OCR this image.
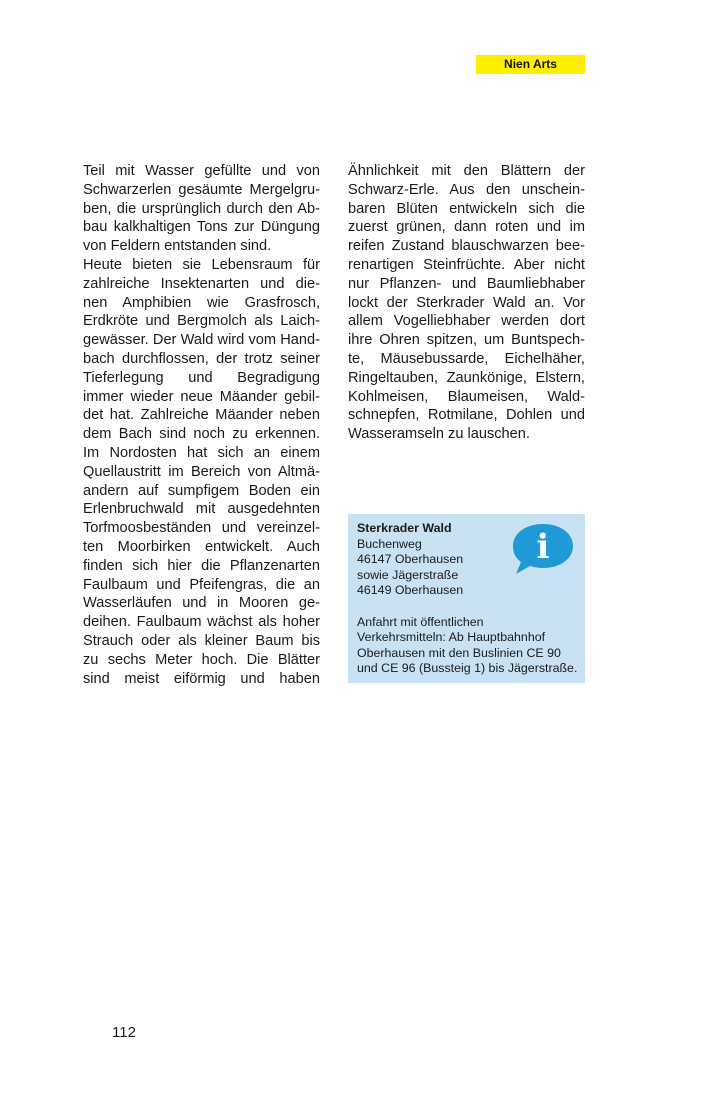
Nien Arts
Teil mit Wasser gefüllte und von
Schwarzerlen gesäumte Mergelgru-
ben, die ursprünglich durch den Ab-
bau kalkhaltigen Tons zur Düngung
von Feldern entstanden sind.
Heute bieten sie Lebensraum für
zahlreiche Insektenarten und die-
nen Amphibien wie Grasfrosch,
Erdkröte und Bergmolch als Laich-
gewässer. Der Wald wird vom Hand-
bach durchflossen, der trotz seiner
Tieferlegung und Begradigung
immer wieder neue Mäander gebil-
det hat. Zahlreiche Mäander neben
dem Bach sind noch zu erkennen.
Im Nordosten hat sich an einem
Quellaustritt im Bereich von Altmä-
andern auf sumpfigem Boden ein
Erlenbruchwald mit ausgedehnten
Torfmoosbeständen und vereinzel-
ten Moorbirken entwickelt. Auch
finden sich hier die Pflanzenarten
Faulbaum und Pfeifengras, die an
Wasserläufen und in Mooren ge-
deihen. Faulbaum wächst als hoher
Strauch oder als kleiner Baum bis
zu sechs Meter hoch. Die Blätter
sind meist eiförmig und haben
Ähnlichkeit mit den Blättern der
Schwarz-Erle. Aus den unschein-
baren Blüten entwickeln sich die
zuerst grünen, dann roten und im
reifen Zustand blauschwarzen bee-
renartigen Steinfrüchte. Aber nicht
nur Pflanzen- und Baumliebhaber
lockt der Sterkrader Wald an. Vor
allem Vogelliebhaber werden dort
ihre Ohren spitzen, um Buntspech-
te, Mäusebussarde, Eichelhäher,
Ringeltauben, Zaunkönige, Elstern,
Kohlmeisen, Blaumeisen, Wald-
schnepfen, Rotmilane, Dohlen und
Wasseramseln zu lauschen.
Sterkrader Wald
Buchenweg
46147 Oberhausen
sowie Jägerstraße
46149 Oberhausen
Anfahrt mit öffentlichen
Verkehrsmitteln: Ab Hauptbahnhof
Oberhausen mit den Buslinien CE 90
und CE 96 (Bussteig 1) bis Jägerstraße.
i
112
